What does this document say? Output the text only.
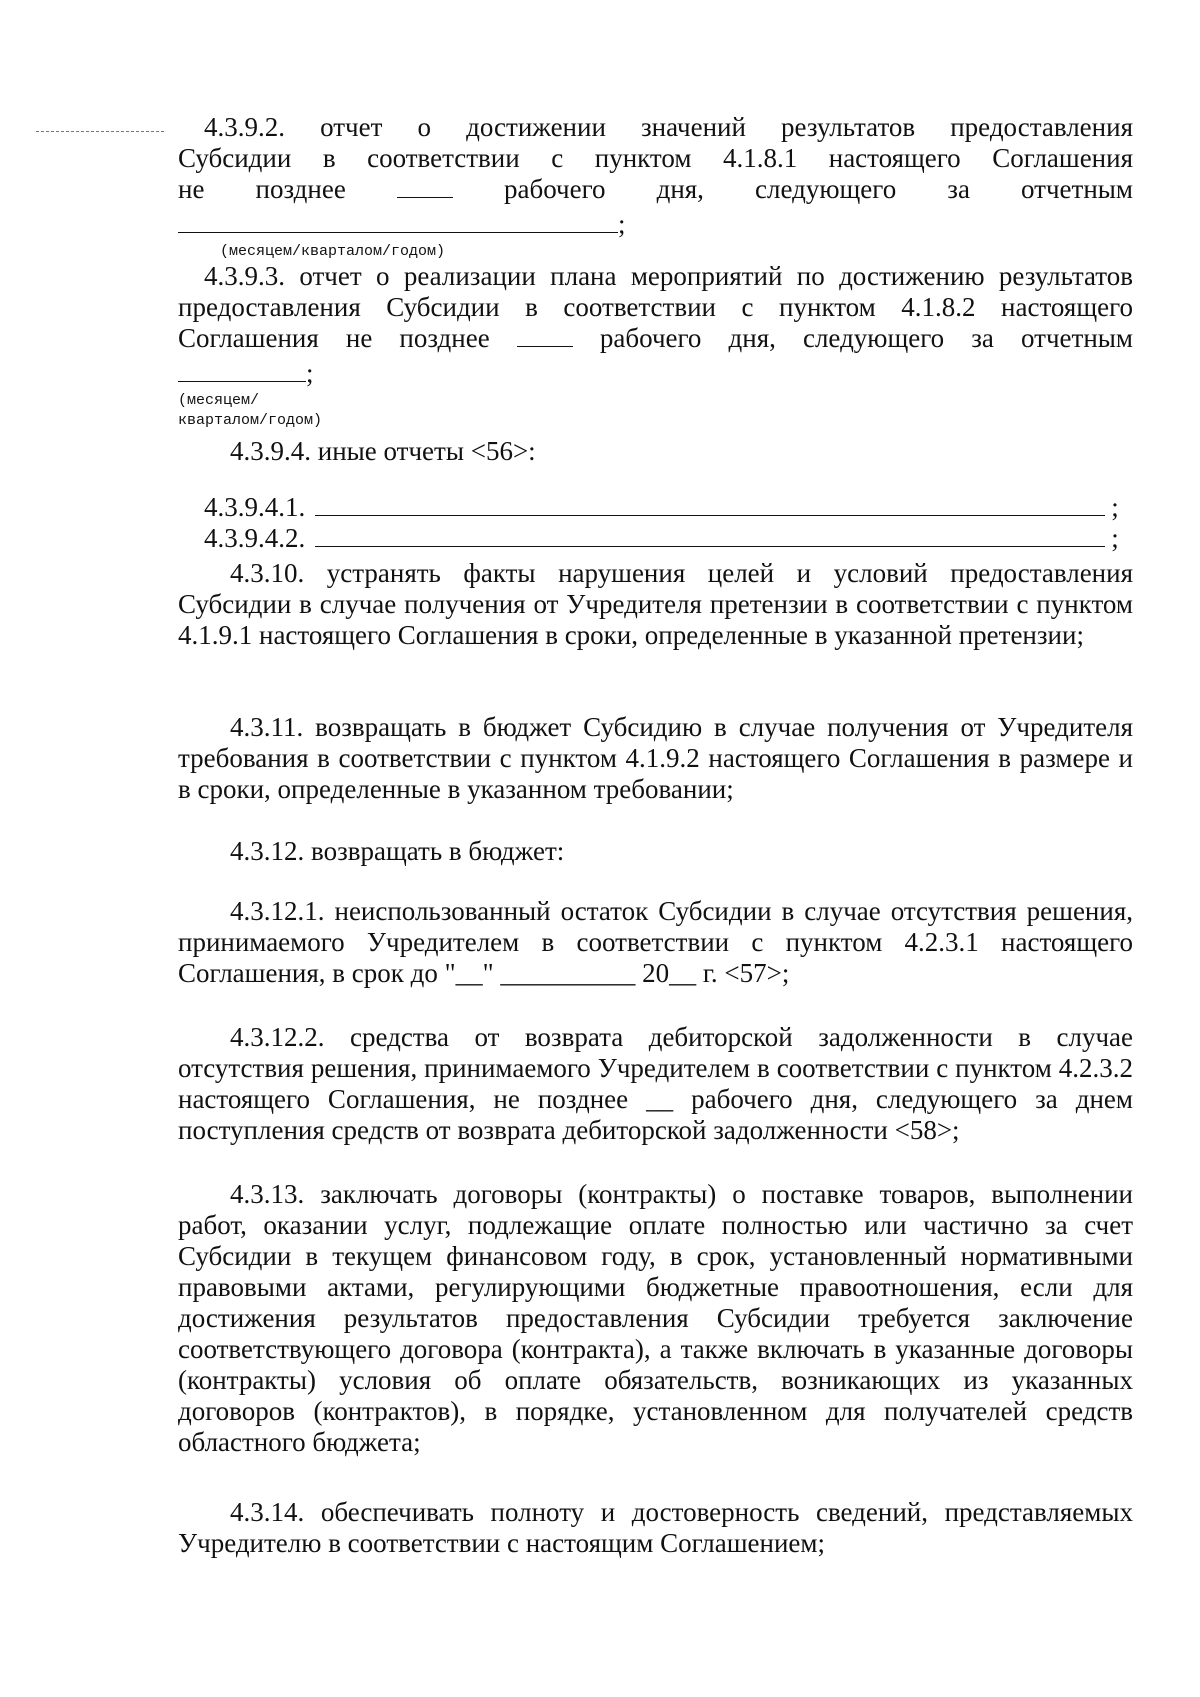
4.3.9.2. отчет о достижении значений результатов предоставления

Субсидии в соответствии с пунктом 4.1.8.1 настоящего Соглашения

не позднее	рабочего дня, следующего за отчетным

;

(месяцем/кварталом/годом)

4.3.9.3. отчет о реализации плана мероприятий по достижению результатов

предоставления Субсидии в соответствии с пунктом 4.1.8.2 настоящего

Соглашения не позднее	рабочего дня, следующего за отчетным

;

(месяцем/

кварталом/годом)

4.3.9.4. иные отчеты <56>:

4.3.9.4.1.	;
4.3.9.4.2.	;
4.3.10. устранять факты нарушения целей и условий предоставления Субсидии в случае получения от Учредителя претензии в соответствии с пунктом 4.1.9.1 настоящего Соглашения в сроки, определенные в указанной претензии;
4.3.11. возвращать в бюджет Субсидию в случае получения от Учредителя требования в соответствии с пунктом 4.1.9.2 настоящего Соглашения в размере и в сроки, определенные в указанном требовании;
4.3.12. возвращать в бюджет:
4.3.12.1. неиспользованный остаток Субсидии в случае отсутствия решения, принимаемого Учредителем в соответствии с пунктом 4.2.3.1 настоящего Соглашения, в срок до "__" __________ 20__ г. <57>;
4.3.12.2. средства от возврата дебиторской задолженности в случае отсутствия решения, принимаемого Учредителем в соответствии с пунктом 4.2.3.2 настоящего Соглашения, не позднее __ рабочего дня, следующего за днем поступления средств от возврата дебиторской задолженности <58>;
4.3.13. заключать договоры (контракты) о поставке товаров, выполнении работ, оказании услуг, подлежащие оплате полностью или частично за счет Субсидии в текущем финансовом году, в срок, установленный нормативными правовыми актами, регулирующими бюджетные правоотношения, если для достижения результатов предоставления Субсидии требуется заключение соответствующего договора (контракта), а также включать в указанные договоры (контракты) условия об оплате обязательств, возникающих из указанных договоров (контрактов), в порядке, установленном для получателей средств областного бюджета;
4.3.14. обеспечивать полноту и достоверность сведений, представляемых Учредителю в соответствии с настоящим Соглашением;
